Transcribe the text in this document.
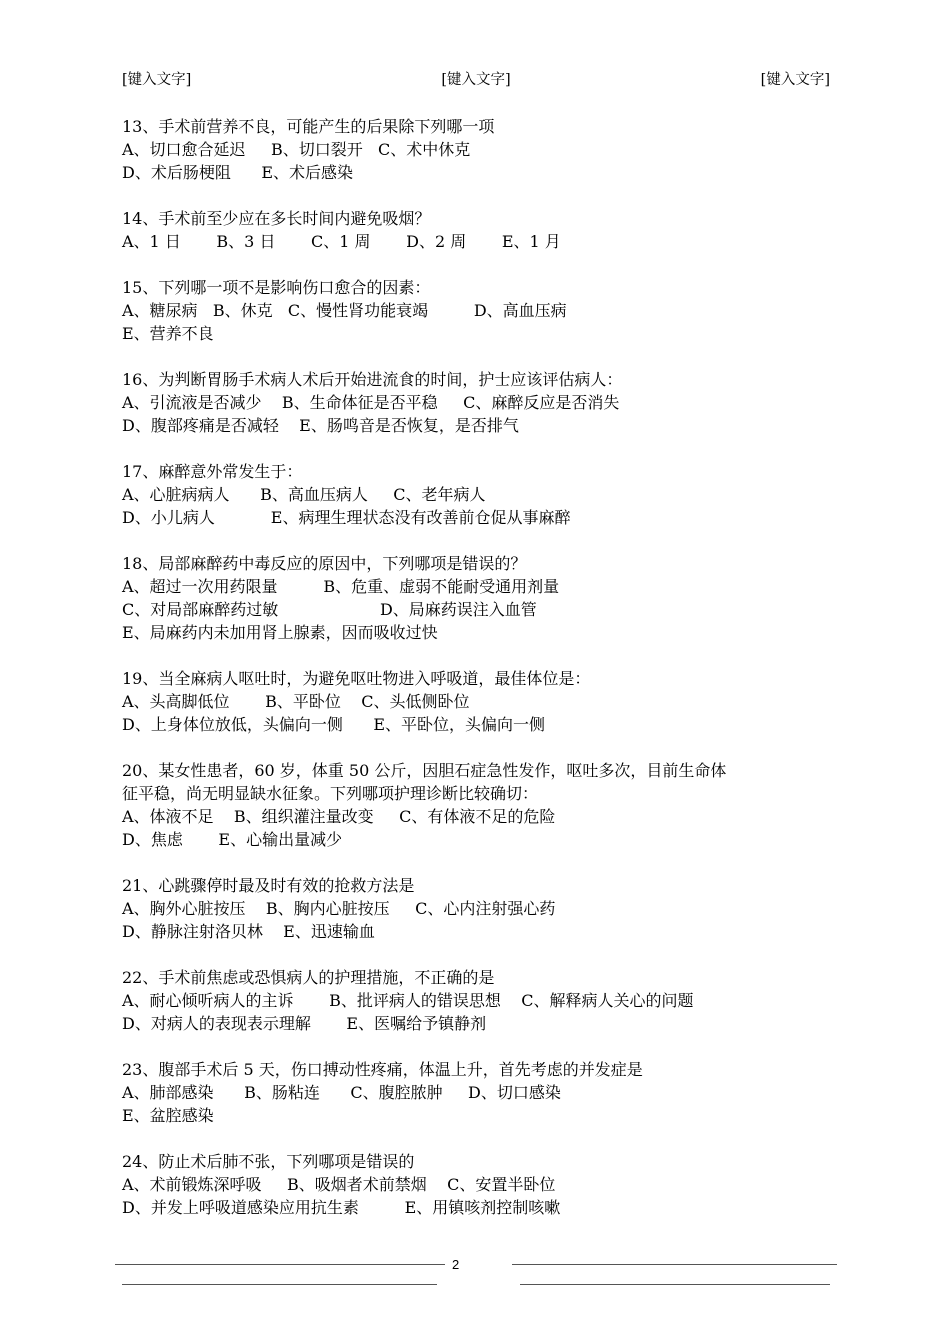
[键入文字]	[键入文字]	[键入文字]
13、手术前营养不良，可能产生的后果除下列哪一项
A、切口愈合延迟     B、切口裂开   C、术中休克
D、术后肠梗阻      E、术后感染
14、手术前至少应在多长时间内避免吸烟？
A、1 日       B、3 日       C、1 周       D、2 周       E、1 月
15、下列哪一项不是影响伤口愈合的因素：
A、糖尿病   B、休克   C、慢性肾功能衰竭         D、高血压病
E、营养不良
16、为判断胃肠手术病人术后开始进流食的时间，护士应该评估病人：
A、引流液是否减少    B、生命体征是否平稳     C、麻醉反应是否消失
D、腹部疼痛是否减轻    E、肠鸣音是否恢复，是否排气
17、麻醉意外常发生于：
A、心脏病病人      B、高血压病人     C、老年病人
D、小儿病人           E、病理生理状态没有改善前仓促从事麻醉
18、局部麻醉药中毒反应的原因中，下列哪项是错误的？
A、超过一次用药限量         B、危重、虚弱不能耐受通用剂量
C、对局部麻醉药过敏                    D、局麻药误注入血管
E、局麻药内未加用肾上腺素，因而吸收过快
19、当全麻病人呕吐时，为避免呕吐物进入呼吸道，最佳体位是：
A、头高脚低位       B、平卧位    C、头低侧卧位
D、上身体位放低，头偏向一侧      E、平卧位，头偏向一侧
20、某女性患者，60 岁，体重 50 公斤，因胆石症急性发作，呕吐多次，目前生命体
征平稳，尚无明显缺水征象。下列哪项护理诊断比较确切：
A、体液不足    B、组织灌注量改变     C、有体液不足的危险
D、焦虑       E、心输出量减少
21、心跳骤停时最及时有效的抢救方法是
A、胸外心脏按压    B、胸内心脏按压     C、心内注射强心药
D、静脉注射洛贝林    E、迅速输血
22、手术前焦虑或恐惧病人的护理措施，不正确的是
A、耐心倾听病人的主诉       B、批评病人的错误思想    C、解释病人关心的问题
D、对病人的表现表示理解       E、医嘱给予镇静剂
23、腹部手术后 5 天，伤口搏动性疼痛，体温上升，首先考虑的并发症是
A、肺部感染      B、肠粘连      C、腹腔脓肿     D、切口感染
E、盆腔感染
24、防止术后肺不张，下列哪项是错误的
A、术前锻炼深呼吸     B、吸烟者术前禁烟    C、安置半卧位
D、并发上呼吸道感染应用抗生素         E、用镇咳剂控制咳嗽
2
